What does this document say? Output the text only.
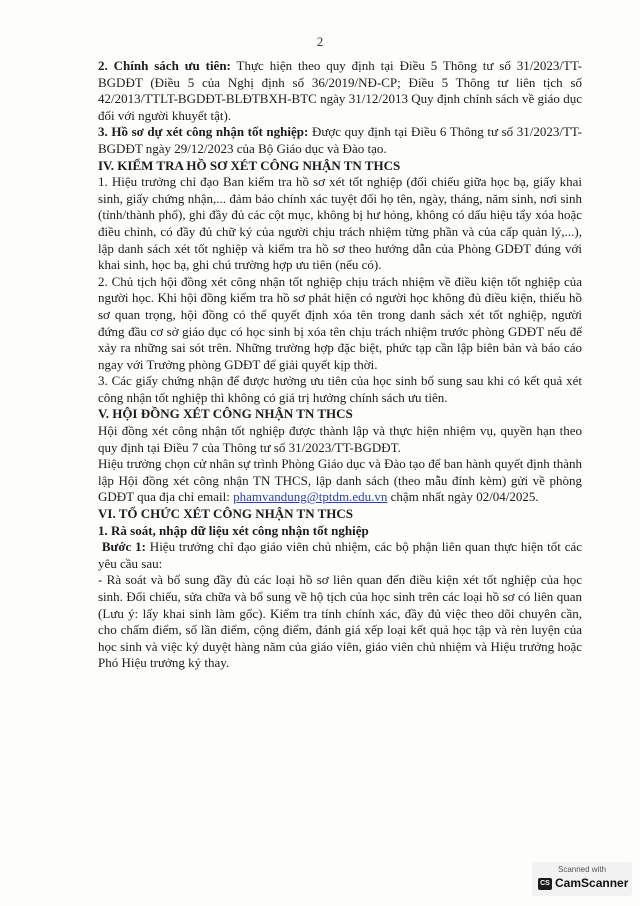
2

2. Chính sách ưu tiên: Thực hiện theo quy định tại Điều 5 Thông tư số 31/2023/TT-BGDĐT (Điều 5 của Nghị định số 36/2019/NĐ-CP; Điều 5 Thông tư liên tịch số 42/2013/TTLT-BGDĐT-BLĐTBXH-BTC ngày 31/12/2013 Quy định chính sách về giáo dục đối với người khuyết tật).

3. Hồ sơ dự xét công nhận tốt nghiệp: Được quy định tại Điều 6 Thông tư số 31/2023/TT-BGDĐT ngày 29/12/2023 của Bộ Giáo dục và Đào tạo.

IV. KIỂM TRA HỒ SƠ XÉT CÔNG NHẬN TN THCS

1. Hiệu trưởng chỉ đạo Ban kiểm tra hồ sơ xét tốt nghiệp (đối chiếu giữa học bạ, giấy khai sinh, giấy chứng nhận,... đảm bảo chính xác tuyệt đối họ tên, ngày, tháng, năm sinh, nơi sinh (tỉnh/thành phố), ghi đầy đủ các cột mục, không bị hư hỏng, không có dấu hiệu tẩy xóa hoặc điều chỉnh, có đầy đủ chữ ký của người chịu trách nhiệm từng phần và của cấp quản lý,...), lập danh sách xét tốt nghiệp và kiểm tra hồ sơ theo hướng dẫn của Phòng GDĐT đúng với khai sinh, học bạ, ghi chú trường hợp ưu tiên (nếu có).

2. Chủ tịch hội đồng xét công nhận tốt nghiệp chịu trách nhiệm về điều kiện tốt nghiệp của người học. Khi hội đồng kiểm tra hồ sơ phát hiện có người học không đủ điều kiện, thiếu hồ sơ quan trọng, hội đồng có thể quyết định xóa tên trong danh sách xét tốt nghiệp, người đứng đầu cơ sở giáo dục có học sinh bị xóa tên chịu trách nhiệm trước phòng GDĐT nếu để xảy ra những sai sót trên. Những trường hợp đặc biệt, phức tạp cần lập biên bản và báo cáo ngay với Trưởng phòng GDĐT để giải quyết kịp thời.

3. Các giấy chứng nhận để được hưởng ưu tiên của học sinh bổ sung sau khi có kết quả xét công nhận tốt nghiệp thì không có giá trị hưởng chính sách ưu tiên.

V. HỘI ĐỒNG XÉT CÔNG NHẬN TN THCS

Hội đồng xét công nhận tốt nghiệp được thành lập và thực hiện nhiệm vụ, quyền hạn theo quy định tại Điều 7 của Thông tư số 31/2023/TT-BGDĐT.

Hiệu trưởng chọn cử nhân sự trình Phòng Giáo dục và Đào tạo để ban hành quyết định thành lập Hội đồng xét công nhận TN THCS, lập danh sách (theo mẫu đính kèm) gửi về phòng GDĐT qua địa chỉ email: phamvandung@tptdm.edu.vn chậm nhất ngày 02/04/2025.

VI. TỔ CHỨC XÉT CÔNG NHẬN TN THCS

1. Rà soát, nhập dữ liệu xét công nhận tốt nghiệp

Bước 1: Hiệu trưởng chỉ đạo giáo viên chủ nhiệm, các bộ phận liên quan thực hiện tốt các yêu cầu sau:

- Rà soát và bổ sung đầy đủ các loại hồ sơ liên quan đến điều kiện xét tốt nghiệp của học sinh. Đối chiếu, sửa chữa và bổ sung về hộ tịch của học sinh trên các loại hồ sơ có liên quan (Lưu ý: lấy khai sinh làm gốc). Kiểm tra tính chính xác, đầy đủ việc theo dõi chuyên cần, cho chấm điểm, số lần điểm, cộng điểm, đánh giá xếp loại kết quả học tập và rèn luyện của học sinh và việc ký duyệt hàng năm của giáo viên, giáo viên chủ nhiệm và Hiệu trưởng hoặc Phó Hiệu trưởng ký thay.

Scanned with
CS CamScanner
